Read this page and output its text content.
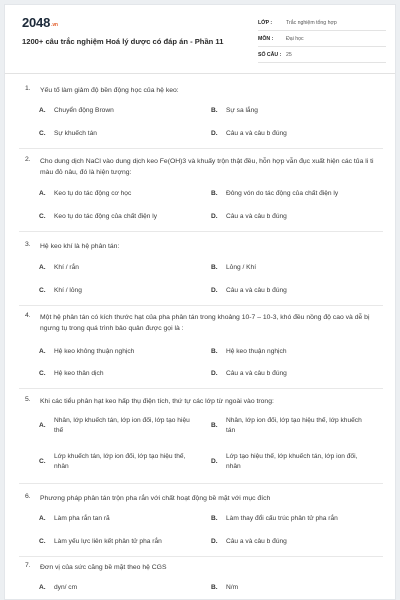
2048.vn
1200+ câu trắc nghiệm Hoá lý dược có đáp án - Phần 11
LỚP :	Trắc nghiệm tổng hợp
MÔN :	Đại học
SỐ CÂU : 25
1. Yếu tố làm giảm độ bền động học của hệ keo:
A. Chuyển động Brown	B. Sự sa lắng
C. Sự khuếch tán	D. Câu a và câu b đúng
2. Cho dung dịch NaCl vào dung dịch keo Fe(OH)3 và khuấy trộn thật đều, hỗn hợp vẫn đục xuất hiện các tủa li ti màu đỏ nâu, đó là hiện tượng:
A. Keo tụ do tác động cơ học	B. Đông vón do tác động của chất điện ly
C. Keo tụ do tác động của chất điện ly	D. Câu a và câu b đúng
3. Hệ keo khí là hệ phân tán:
A. Khí / rắn	B. Lỏng / Khí
C. Khí / lỏng	D. Câu a và câu b đúng
4. Một hệ phân tán có kích thước hạt của pha phân tán trong khoảng 10-7 – 10-3, khó đều nồng độ cao và dễ bị ngưng tụ trong quá trình bảo quản được gọi là :
A. Hệ keo không thuận nghịch	B. Hệ keo thuận nghịch
C. Hệ keo thân dịch	D. Câu a và câu b đúng
5. Khi các tiểu phân hạt keo hấp thụ điện tích, thứ tự các lớp từ ngoài vào trong:
A.
Nhân, lớp khuếch tán, lớp ion đối, lớp tạo hiệu thế
B.
Nhân, lớp ion đối, lớp tạo hiệu thế, lớp khuếch tán
C.
Lớp khuếch tán, lớp ion đối, lớp tạo hiệu thế, nhân
D.
Lớp tạo hiệu thế, lớp khuếch tán, lớp ion đối, nhân
6. Phương pháp phân tán trộn pha rắn với chất hoạt động bề mặt với mục đích
A. Làm pha rắn tan rã	B. Làm thay đổi cấu trúc phân tử pha rắn
C. Làm yếu lực liên kết phân tử pha rắn	D. Câu a và câu b đúng
7. Đơn vị của sức căng bề mặt theo hệ CGS
A. dyn/ cm	B. N/m
